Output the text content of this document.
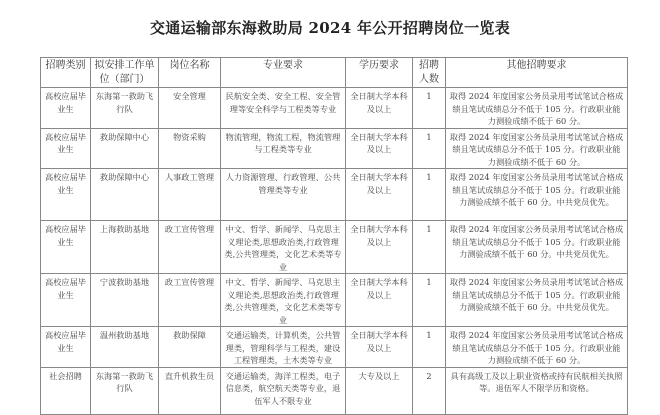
交通运输部东海救助局 2024 年公开招聘岗位一览表
招聘类别	拟安排工作单位（部门）	岗位名称	专业要求	学历要求	招聘人数	其他招聘要求
高校应届毕业生	东海第一救助飞行队	安全管理	民航安全类、安全工程、安全管理等安全科学与工程类等专业	全日制大学本科及以上	1	取得 2024 年度国家公务员录用考试笔试合格成绩且笔试成绩总分不低于 105 分。行政职业能力测验成绩不低于 60 分。
高校应届毕业生	救助保障中心	物资采购	物流管理，物流工程，物流管理与工程类等专业	全日制大学本科及以上	1	取得 2024 年度国家公务员录用考试笔试合格成绩且笔试成绩总分不低于 105 分。行政职业能力测验成绩不低于 60 分。
高校应届毕业生	救助保障中心	人事政工管理	人力资源管理、行政管理、公共管理类等专业	全日制大学本科及以上	1	取得 2024 年度国家公务员录用考试笔试合格成绩且笔试成绩总分不低于 105 分。行政职业能力测验成绩不低于 60 分。中共党员优先。
高校应届毕业生	上海救助基地	政工宣传管理	中文、哲学、新闻学、马克思主义理论类,思想政治类,行政管理类,公共管理类，文化艺术类等专业	全日制大学本科及以上	1	取得 2024 年度国家公务员录用考试笔试合格成绩且笔试成绩总分不低于 105 分。行政职业能力测验成绩不低于 60 分。中共党员优先。
高校应届毕业生	宁波救助基地	政工宣传管理	中文、哲学、新闻学、马克思主义理论类,思想政治类,行政管理类,公共管理类，文化艺术类等专业	全日制大学本科及以上	1	取得 2024 年度国家公务员录用考试笔试合格成绩且笔试成绩总分不低于 105 分。行政职业能力测验成绩不低于 60 分。中共党员优先。
高校应届毕业生	温州救助基地	救助保障	交通运输类，计算机类，公共管理类，管理科学与工程类，建设工程管理类，土木类等专业	全日制大学本科及以上	1	取得 2024 年度国家公务员录用考试笔试合格成绩且笔试成绩总分不低于 105 分。行政职业能力测验成绩不低于 60 分。
社会招聘	东海第一救助飞行队	直升机救生员	交通运输类，海洋工程类，电子信息类，航空航天类等专业，退伍军人不限专业	大专及以上	2	具有高级工及以上职业资格或持有民航相关执照等。退伍军人不限学历和资格。
